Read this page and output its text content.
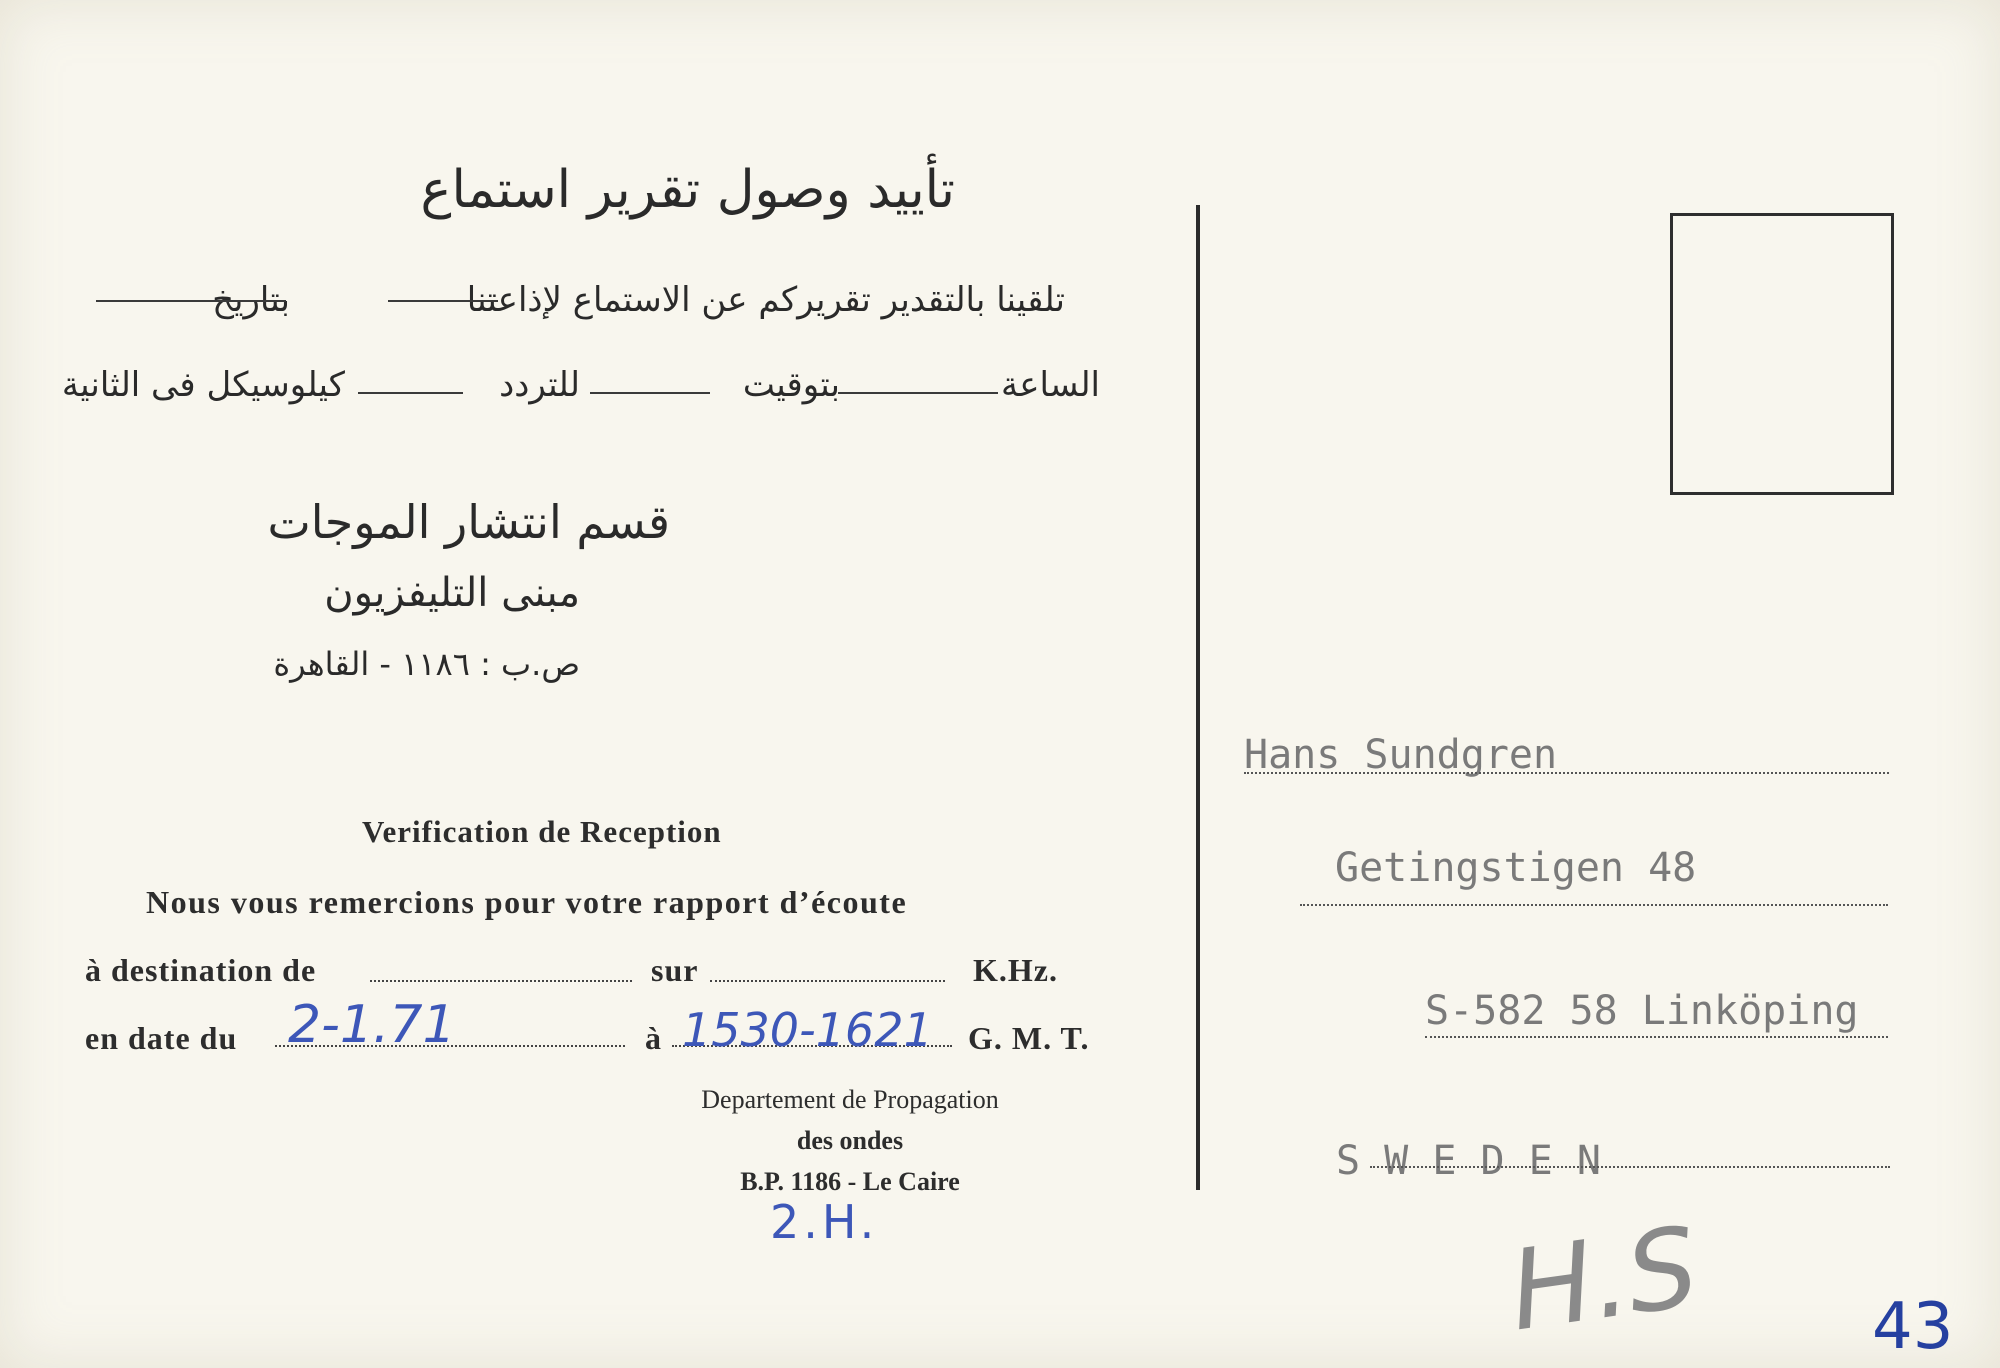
تأييد وصول تقرير استماع
تلقينا بالتقدير تقريركم عن الاستماع لإذاعتنا
بتاريخ
الساعة
بتوقيت
للتردد
كيلوسيكل فى الثانية
قسم انتشار الموجات
مبنى التليفزيون
ص.ب : ١١٨٦ - القاهرة
Verification de Reception
Nous vous remercions pour votre rapport d’écoute
à destination de	sur	K.Hz.
en date du 2-1.71	à 1530-1621 G. M. T.
Departement de Propagation
des ondes
B.P. 1186 - Le Caire
2.H.
Hans Sundgren
Getingstigen 48
S-582 58 Linköping
S W E D E N
H.S	43
